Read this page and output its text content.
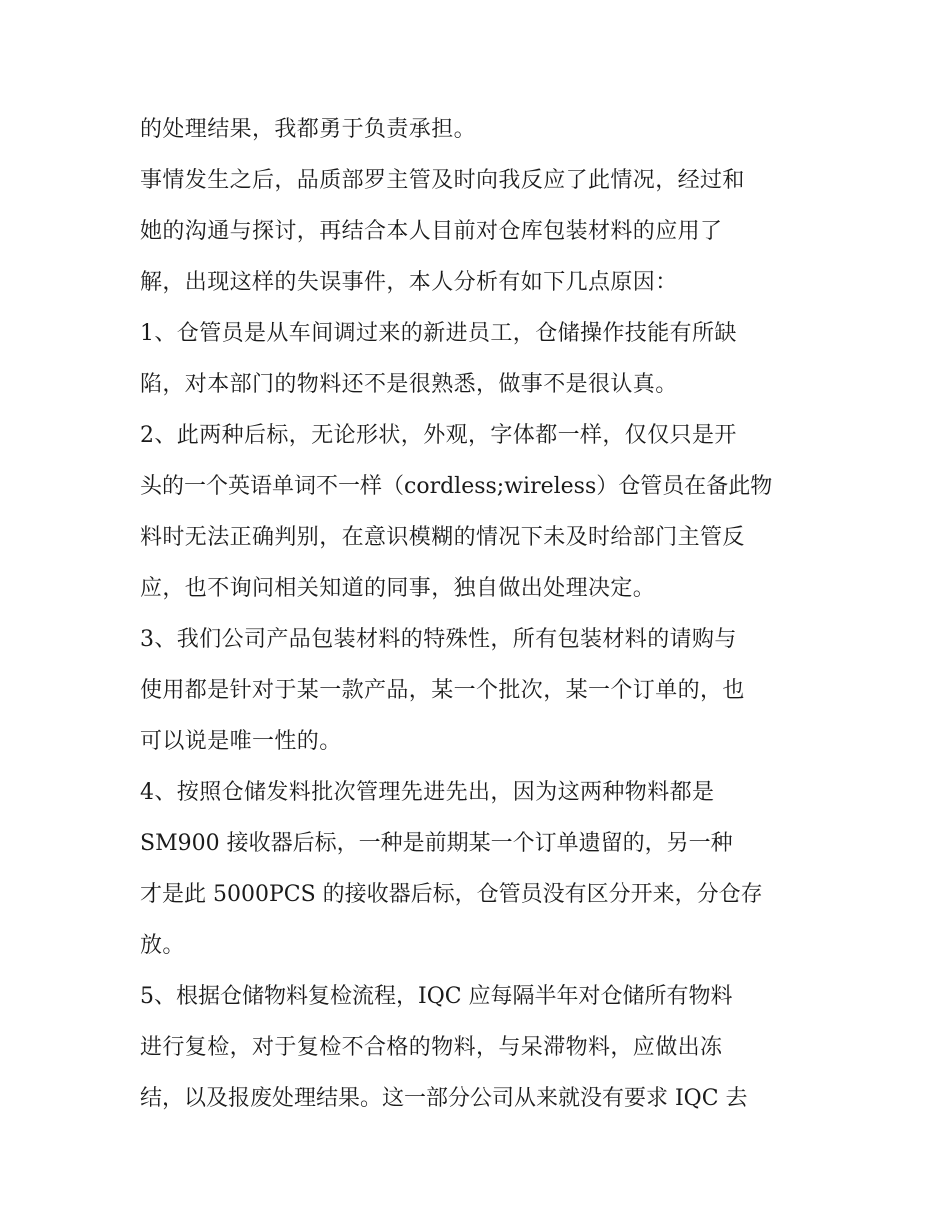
的处理结果，我都勇于负责承担。
事情发生之后，品质部罗主管及时向我反应了此情况，经过和
她的沟通与探讨，再结合本人目前对仓库包装材料的应用了
解，出现这样的失误事件，本人分析有如下几点原因：
1、仓管员是从车间调过来的新进员工，仓储操作技能有所缺
陷，对本部门的物料还不是很熟悉，做事不是很认真。
2、此两种后标，无论形状，外观，字体都一样，仅仅只是开
头的一个英语单词不一样（cordless;wireless）仓管员在备此物
料时无法正确判别，在意识模糊的情况下未及时给部门主管反
应，也不询问相关知道的同事，独自做出处理决定。
3、我们公司产品包装材料的特殊性，所有包装材料的请购与
使用都是针对于某一款产品，某一个批次，某一个订单的，也
可以说是唯一性的。
4、按照仓储发料批次管理先进先出，因为这两种物料都是
SM900 接收器后标，一种是前期某一个订单遗留的，另一种
才是此 5000PCS 的接收器后标，仓管员没有区分开来，分仓存
放。
5、根据仓储物料复检流程，IQC 应每隔半年对仓储所有物料
进行复检，对于复检不合格的物料，与呆滞物料，应做出冻
结，以及报废处理结果。这一部分公司从来就没有要求 IQC 去
